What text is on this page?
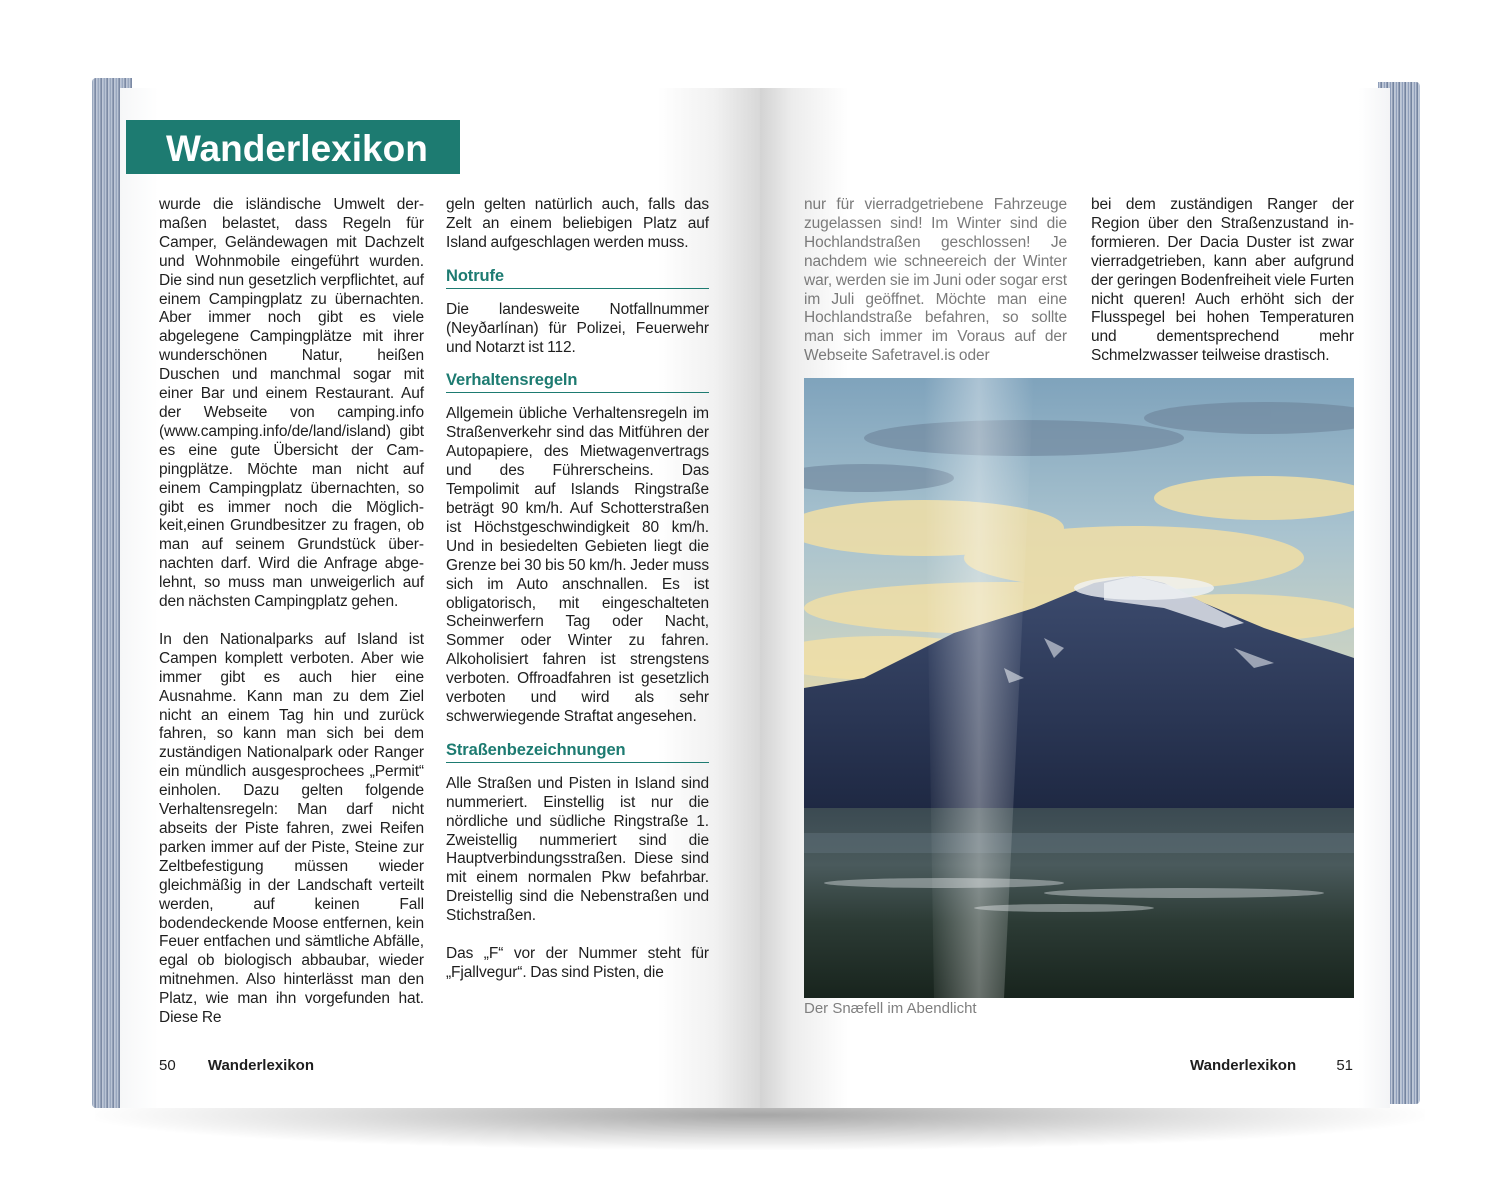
Wanderlexikon

wurde die isländische Umwelt dermaßen belastet, dass Regeln für Camper, Geländewagen mit Dachzelt und Wohnmobile eingeführt wurden. Die sind nun gesetzlich verpflichtet, auf einem Campingplatz zu übernachten. Aber immer noch gibt es viele abgelegene Campingplätze mit ihrer wunderschönen Natur, heißen Duschen und manchmal sogar mit einer Bar und einem Restaurant. Auf der Webseite von camping.info (www.camping.info/de/land/island) gibt es eine gute Übersicht der Campingplätze. Möchte man nicht auf einem Campingplatz übernachten, so gibt es immer noch die Möglichkeit,einen Grundbesitzer zu fragen, ob man auf seinem Grundstück übernachten darf. Wird die Anfrage abgelehnt, so muss man unweigerlich auf den nächsten Campingplatz gehen.

In den Nationalparks auf Island ist Campen komplett verboten. Aber wie immer gibt es auch hier eine Ausnahme. Kann man zu dem Ziel nicht an einem Tag hin und zurück fahren, so kann man sich bei dem zuständigen Nationalpark oder Ranger ein mündlich ausgesprochees „Permit“ einholen. Dazu gelten folgende Verhaltensregeln: Man darf nicht abseits der Piste fahren, zwei Reifen parken immer auf der Piste, Steine zur Zeltbefestigung müssen wieder gleichmäßig in der Landschaft verteilt werden, auf keinen Fall bodendeckende Moose entfernen, kein Feuer entfachen und sämtliche Abfälle, egal ob biologisch abbaubar, wieder mitnehmen. Also hinterlässt man den Platz, wie man ihn vorgefunden hat. Diese Re

geln gelten natürlich auch, falls das Zelt an einem beliebigen Platz auf Island aufgeschlagen werden muss.

Notrufe

Die landesweite Notfallnummer (Neyðarlínan) für Polizei, Feuerwehr und Notarzt ist 112.

Verhaltensregeln

Allgemein übliche Verhaltensregeln im Straßenverkehr sind das Mitführen der Autopapiere, des Mietwagenvertrags und des Führerscheins. Das Tempolimit auf Islands Ringstraße beträgt 90 km/h. Auf Schotterstraßen ist Höchstgeschwindigkeit 80 km/h. Und in besiedelten Gebieten liegt die Grenze bei 30 bis 50 km/h. Jeder muss sich im Auto anschnallen. Es ist obligatorisch, mit eingeschalteten Scheinwerfern Tag oder Nacht, Sommer oder Winter zu fahren. Alkoholisiert fahren ist strengstens verboten. Offroadfahren ist gesetzlich verboten und wird als sehr schwerwiegende Straftat angesehen.

Straßenbezeichnungen

Alle Straßen und Pisten in Island sind nummeriert. Einstellig ist nur die nördliche und südliche Ringstraße 1. Zweistellig nummeriert sind die Hauptverbindungsstraßen. Diese sind mit einem normalen Pkw befahrbar. Dreistellig sind die Nebenstraßen und Stichstraßen.

Das „F“ vor der Nummer steht für „Fjallvegur“. Das sind Pisten, die

nur für vierradgetriebene Fahrzeuge zugelassen sind! Im Winter sind die Hochlandstraßen geschlossen! Je nachdem wie schneereich der Winter war, werden sie im Juni oder sogar erst im Juli geöffnet. Möchte man eine Hochlandstraße befahren, so sollte man sich immer im Voraus auf der Webseite Safetravel.is oder

bei dem zuständigen Ranger der Region über den Straßenzustand informieren. Der Dacia Duster ist zwar vierradgetrieben, kann aber aufgrund der geringen Bodenfreiheit viele Furten nicht queren! Auch erhöht sich der Flusspegel bei hohen Temperaturen und dementsprechend mehr Schmelzwasser teilweise drastisch.

Der Snæfell im Abendlicht
50 Wanderlexikon	Wanderlexikon	51
